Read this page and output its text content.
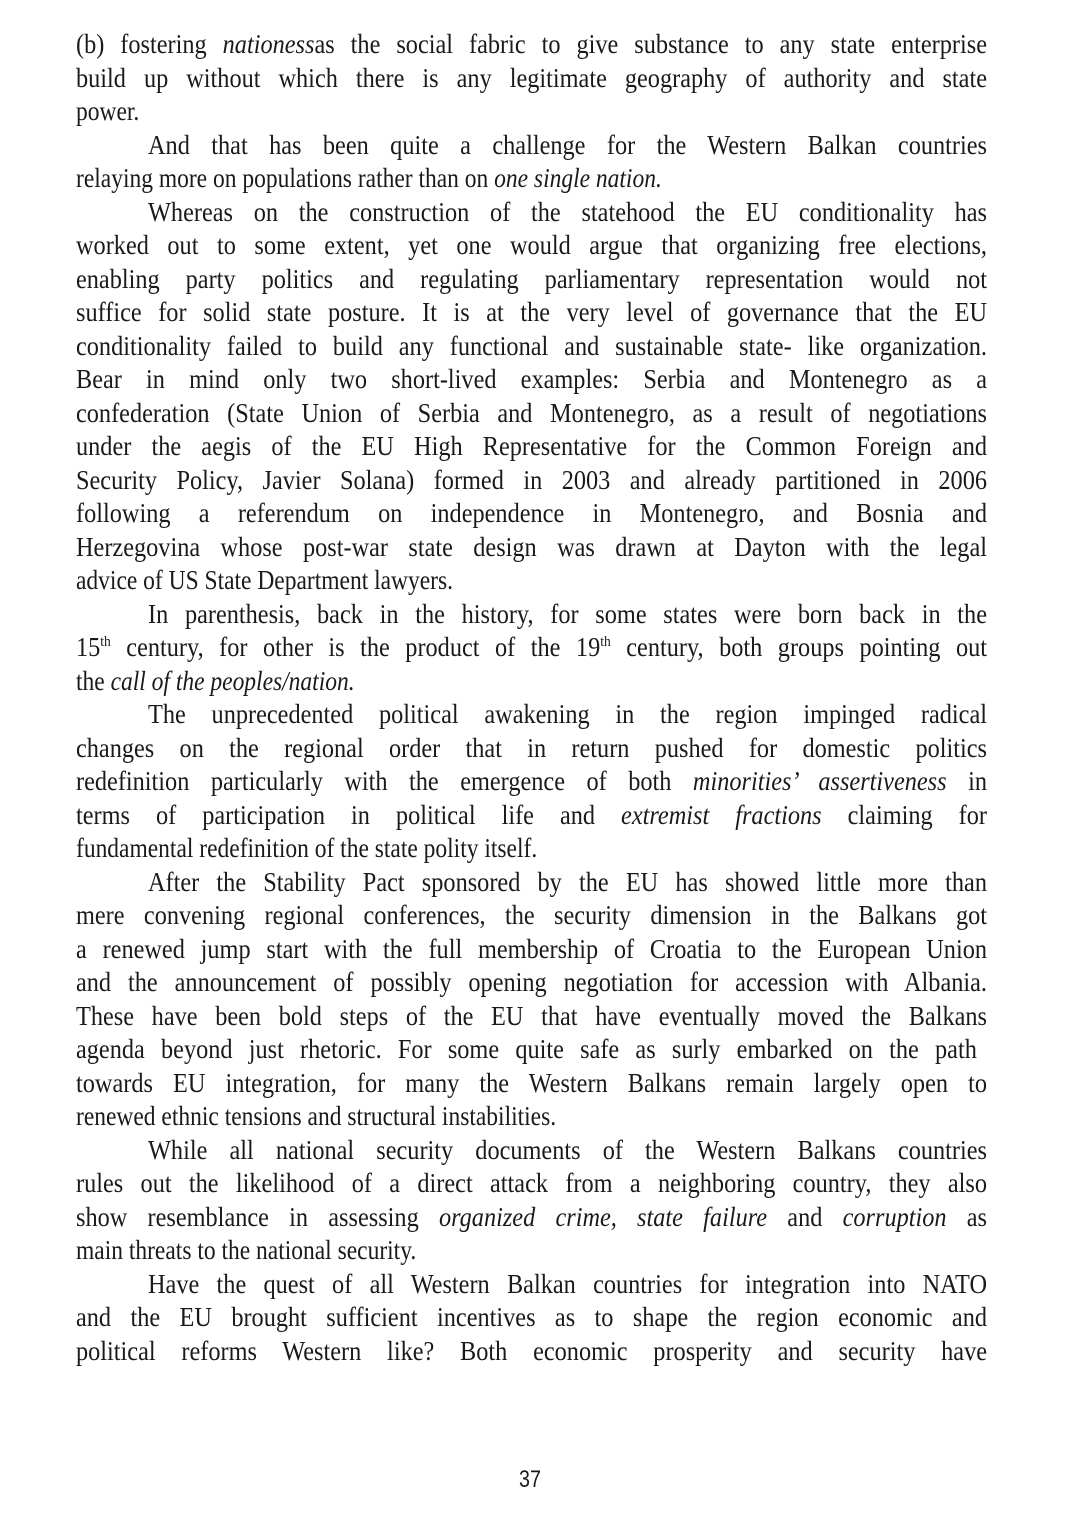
(b) fostering nationessas the social fabric to give substance to any state enterprise
build up without which there is any legitimate geography of authority and state
power.
And that has been quite a challenge for the Western Balkan countries
relaying more on populations rather than on one single nation.
Whereas on the construction of the statehood the EU conditionality has
worked out to some extent, yet one would argue that organizing free elections,
enabling party politics and regulating parliamentary representation would not
suffice for solid state posture. It is at the very level of governance that the EU
conditionality failed to build any functional and sustainable state- like organization.
Bear in mind only two short-lived examples: Serbia and Montenegro as a
confederation (State Union of Serbia and Montenegro, as a result of negotiations
under the aegis of the EU High Representative for the Common Foreign and
Security Policy, Javier Solana) formed in 2003 and already partitioned in 2006
following a referendum on independence in Montenegro, and Bosnia and
Herzegovina whose post-war state design was drawn at Dayton with the legal
advice of US State Department lawyers.
In parenthesis, back in the history, for some states were born back in the
15th century, for other is the product of the 19th century, both groups pointing out
the call of the peoples/nation.
The unprecedented political awakening in the region impinged radical
changes on the regional order that in return pushed for domestic politics
redefinition particularly with the emergence of both minorities’ assertiveness in
terms of participation in political life and extremist fractions claiming for
fundamental redefinition of the state polity itself.
After the Stability Pact sponsored by the EU has showed little more than
mere convening regional conferences, the security dimension in the Balkans got
a renewed jump start with the full membership of Croatia to the European Union
and the announcement of possibly opening negotiation for accession with Albania.
These have been bold steps of the EU that have eventually moved the Balkans
agenda beyond just rhetoric. For some quite safe as surly embarked on the path
towards EU integration, for many the Western Balkans remain largely open to
renewed ethnic tensions and structural instabilities.
While all national security documents of the Western Balkans countries
rules out the likelihood of a direct attack from a neighboring country, they also
show resemblance in assessing organized crime, state failure and corruption as
main threats to the national security.
Have the quest of all Western Balkan countries for integration into NATO
and the EU brought sufficient incentives as to shape the region economic and
political reforms Western like? Both economic prosperity and security have
37
